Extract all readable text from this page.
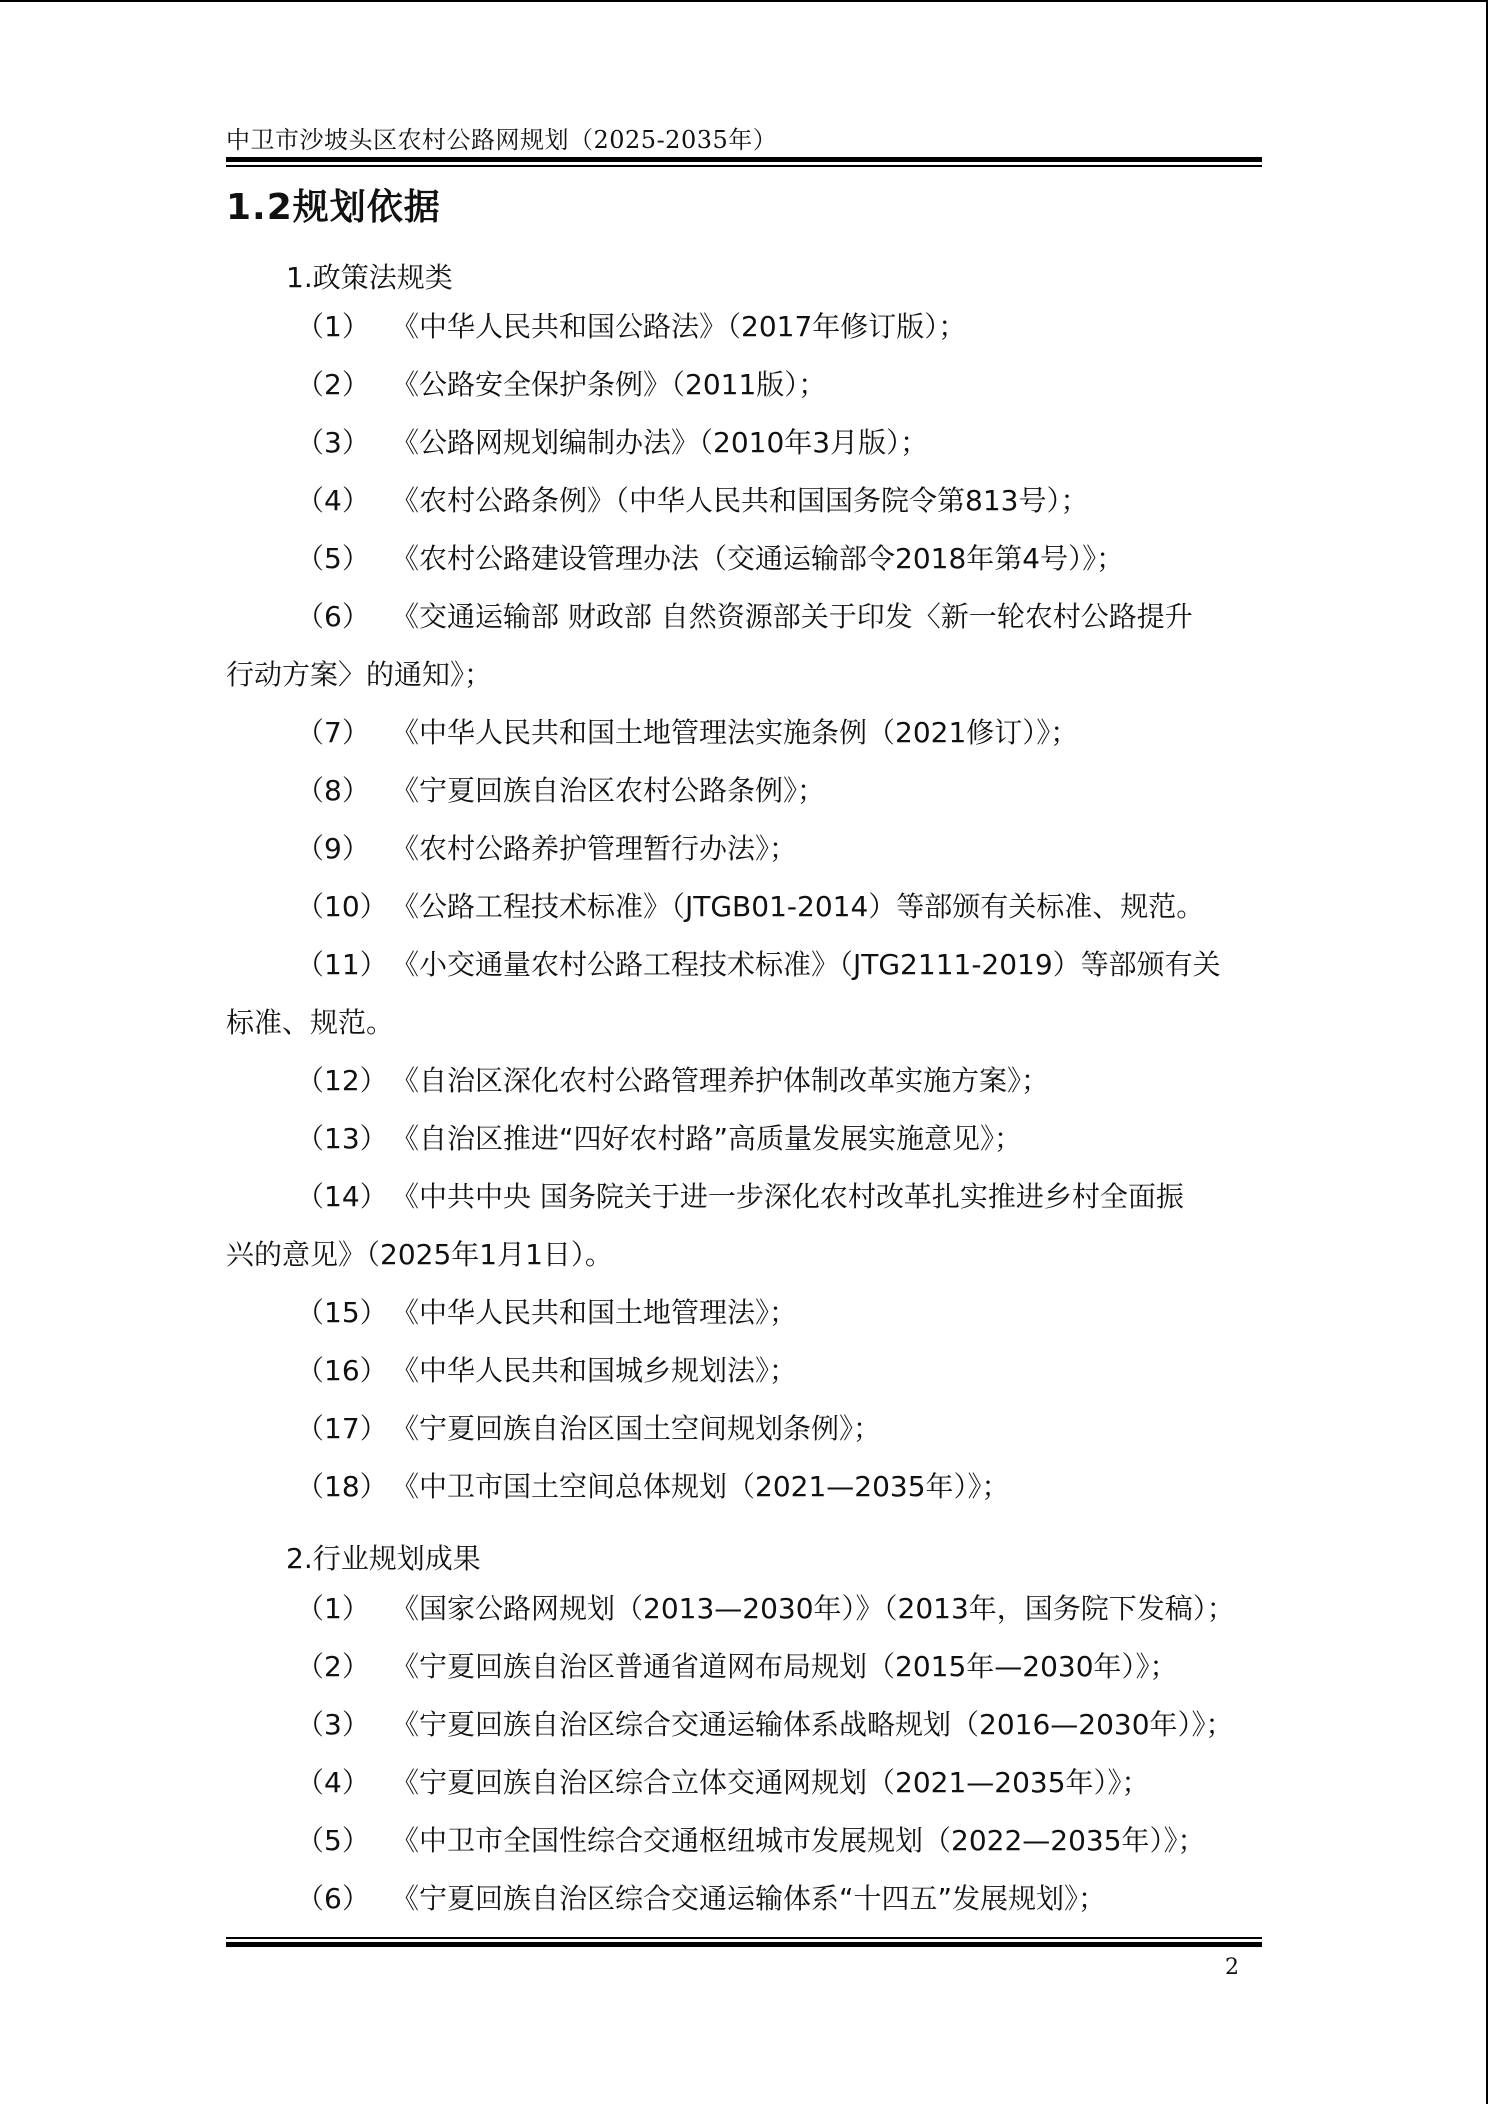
中卫市沙坡头区农村公路网规划（2025-2035年）
1.2规划依据
1.政策法规类
（1） 《中华人民共和国公路法》（2017年修订版）；
（2） 《公路安全保护条例》（2011版）；
（3） 《公路网规划编制办法》（2010年3月版）；
（4） 《农村公路条例》（中华人民共和国国务院令第813号）；
（5） 《农村公路建设管理办法（交通运输部令2018年第4号）》；
（6） 《交通运输部 财政部 自然资源部关于印发〈新一轮农村公路提升
行动方案〉的通知》；
（7） 《中华人民共和国土地管理法实施条例（2021修订）》；
（8） 《宁夏回族自治区农村公路条例》；
（9） 《农村公路养护管理暂行办法》；
（10） 《公路工程技术标准》（JTGB01-2014）等部颁有关标准、规范。
（11） 《小交通量农村公路工程技术标准》（JTG2111-2019）等部颁有关
标准、规范。
（12） 《自治区深化农村公路管理养护体制改革实施方案》；
（13） 《自治区推进“四好农村路”高质量发展实施意见》；
（14） 《中共中央 国务院关于进一步深化农村改革扎实推进乡村全面振
兴的意见》（2025年1月1日）。
（15） 《中华人民共和国土地管理法》；
（16） 《中华人民共和国城乡规划法》；
（17） 《宁夏回族自治区国土空间规划条例》；
（18） 《中卫市国土空间总体规划（2021—2035年）》；
2.行业规划成果
（1） 《国家公路网规划（2013—2030年）》（2013年，国务院下发稿）；
（2） 《宁夏回族自治区普通省道网布局规划（2015年—2030年）》；
（3） 《宁夏回族自治区综合交通运输体系战略规划（2016—2030年）》；
（4） 《宁夏回族自治区综合立体交通网规划（2021—2035年）》；
（5） 《中卫市全国性综合交通枢纽城市发展规划（2022—2035年）》；
（6） 《宁夏回族自治区综合交通运输体系“十四五”发展规划》；
2
